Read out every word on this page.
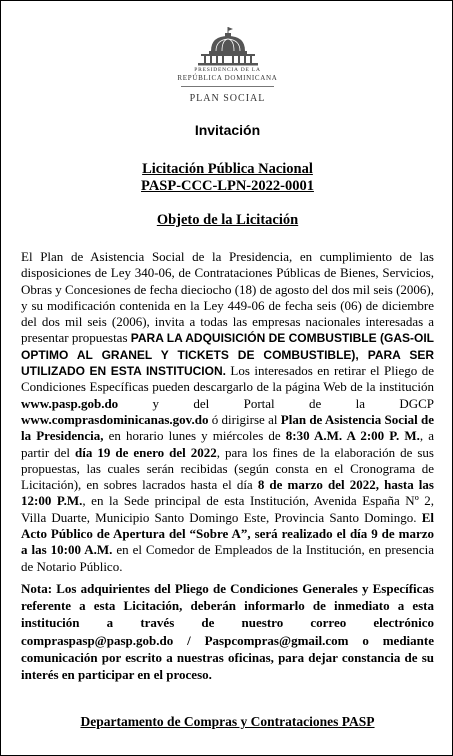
PRESIDENCIA DE LA
REPÚBLICA DOMINICANA
PLAN SOCIAL
Invitación
Licitación Pública Nacional
PASP-CCC-LPN-2022-0001
Objeto de la Licitación
El Plan de Asistencia Social de la Presidencia, en cumplimiento de las disposiciones de Ley 340-06, de Contrataciones Públicas de Bienes, Servicios, Obras y Concesiones de fecha dieciocho (18) de agosto del dos mil seis (2006), y su modificación contenida en la Ley 449-06 de fecha seis (06) de diciembre del dos mil seis (2006), invita a todas las empresas nacionales interesadas a presentar propuestas PARA LA ADQUISICIÓN DE COMBUSTIBLE (GAS-OIL OPTIMO AL GRANEL Y TICKETS DE COMBUSTIBLE), PARA SER UTILIZADO EN ESTA INSTITUCION. Los interesados en retirar el Pliego de Condiciones Específicas pueden descargarlo de la página Web de la institución www.pasp.gob.do y del Portal de la DGCP www.comprasdominicanas.gov.do ó dirigirse al Plan de Asistencia Social de la Presidencia, en horario lunes y miércoles de 8:30 A.M. A 2:00 P. M., a partir del día 19 de enero del 2022, para los fines de la elaboración de sus propuestas, las cuales serán recibidas (según consta en el Cronograma de Licitación), en sobres lacrados hasta el día 8 de marzo del 2022, hasta las 12:00 P.M., en la Sede principal de esta Institución, Avenida España Nº 2, Villa Duarte, Municipio Santo Domingo Este, Provincia Santo Domingo. El Acto Público de Apertura del “Sobre A”, será realizado el día 9 de marzo a las 10:00 A.M. en el Comedor de Empleados de la Institución, en presencia de Notario Público.
Nota: Los adquirientes del Pliego de Condiciones Generales y Específicas referente a esta Licitación, deberán informarlo de inmediato a esta institución a través de nuestro correo electrónico compraspasp@pasp.gob.do / Paspcompras@gmail.com o mediante comunicación por escrito a nuestras oficinas, para dejar constancia de su interés en participar en el proceso.
Departamento de Compras y Contrataciones PASP
